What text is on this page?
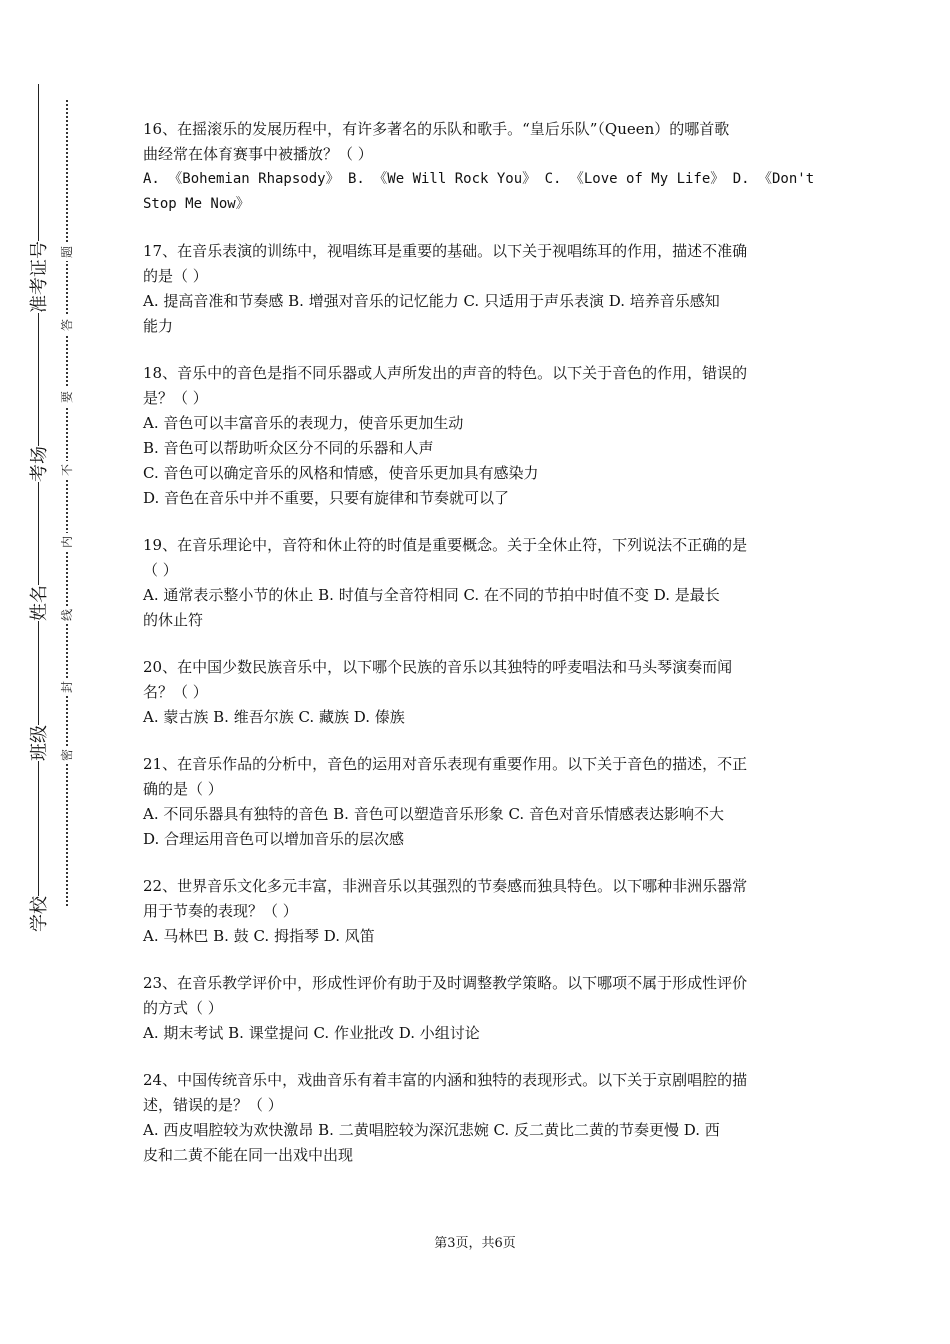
准考证号
考场
姓名
班级
学校
题
答
要
不
内
线
封
密
16、在摇滚乐的发展历程中，有许多著名的乐队和歌手。“皇后乐队”（Queen）的哪首歌
曲经常在体育赛事中被播放？（ ）
A. 《Bohemian Rhapsody》 B. 《We Will Rock You》 C. 《Love of My Life》 D. 《Don't
Stop Me Now》
17、在音乐表演的训练中，视唱练耳是重要的基础。以下关于视唱练耳的作用，描述不准确
的是（ ）
A. 提高音准和节奏感 B. 增强对音乐的记忆能力 C. 只适用于声乐表演 D. 培养音乐感知
能力
18、音乐中的音色是指不同乐器或人声所发出的声音的特色。以下关于音色的作用，错误的
是？（ ）
A. 音色可以丰富音乐的表现力，使音乐更加生动
B. 音色可以帮助听众区分不同的乐器和人声
C. 音色可以确定音乐的风格和情感，使音乐更加具有感染力
D. 音色在音乐中并不重要，只要有旋律和节奏就可以了
19、在音乐理论中，音符和休止符的时值是重要概念。关于全休止符，下列说法不正确的是
（ ）
A. 通常表示整小节的休止 B. 时值与全音符相同 C. 在不同的节拍中时值不变 D. 是最长
的休止符
20、在中国少数民族音乐中，以下哪个民族的音乐以其独特的呼麦唱法和马头琴演奏而闻
名？（ ）
A. 蒙古族 B. 维吾尔族 C. 藏族 D. 傣族
21、在音乐作品的分析中，音色的运用对音乐表现有重要作用。以下关于音色的描述，不正
确的是（ ）
A. 不同乐器具有独特的音色 B. 音色可以塑造音乐形象 C. 音色对音乐情感表达影响不大
D. 合理运用音色可以增加音乐的层次感
22、世界音乐文化多元丰富，非洲音乐以其强烈的节奏感而独具特色。以下哪种非洲乐器常
用于节奏的表现？（ ）
A. 马林巴 B. 鼓 C. 拇指琴 D. 风笛
23、在音乐教学评价中，形成性评价有助于及时调整教学策略。以下哪项不属于形成性评价
的方式（ ）
A. 期末考试 B. 课堂提问 C. 作业批改 D. 小组讨论
24、中国传统音乐中，戏曲音乐有着丰富的内涵和独特的表现形式。以下关于京剧唱腔的描
述，错误的是？（ ）
A. 西皮唱腔较为欢快激昂 B. 二黄唱腔较为深沉悲婉 C. 反二黄比二黄的节奏更慢 D. 西
皮和二黄不能在同一出戏中出现
第3页，共6页
